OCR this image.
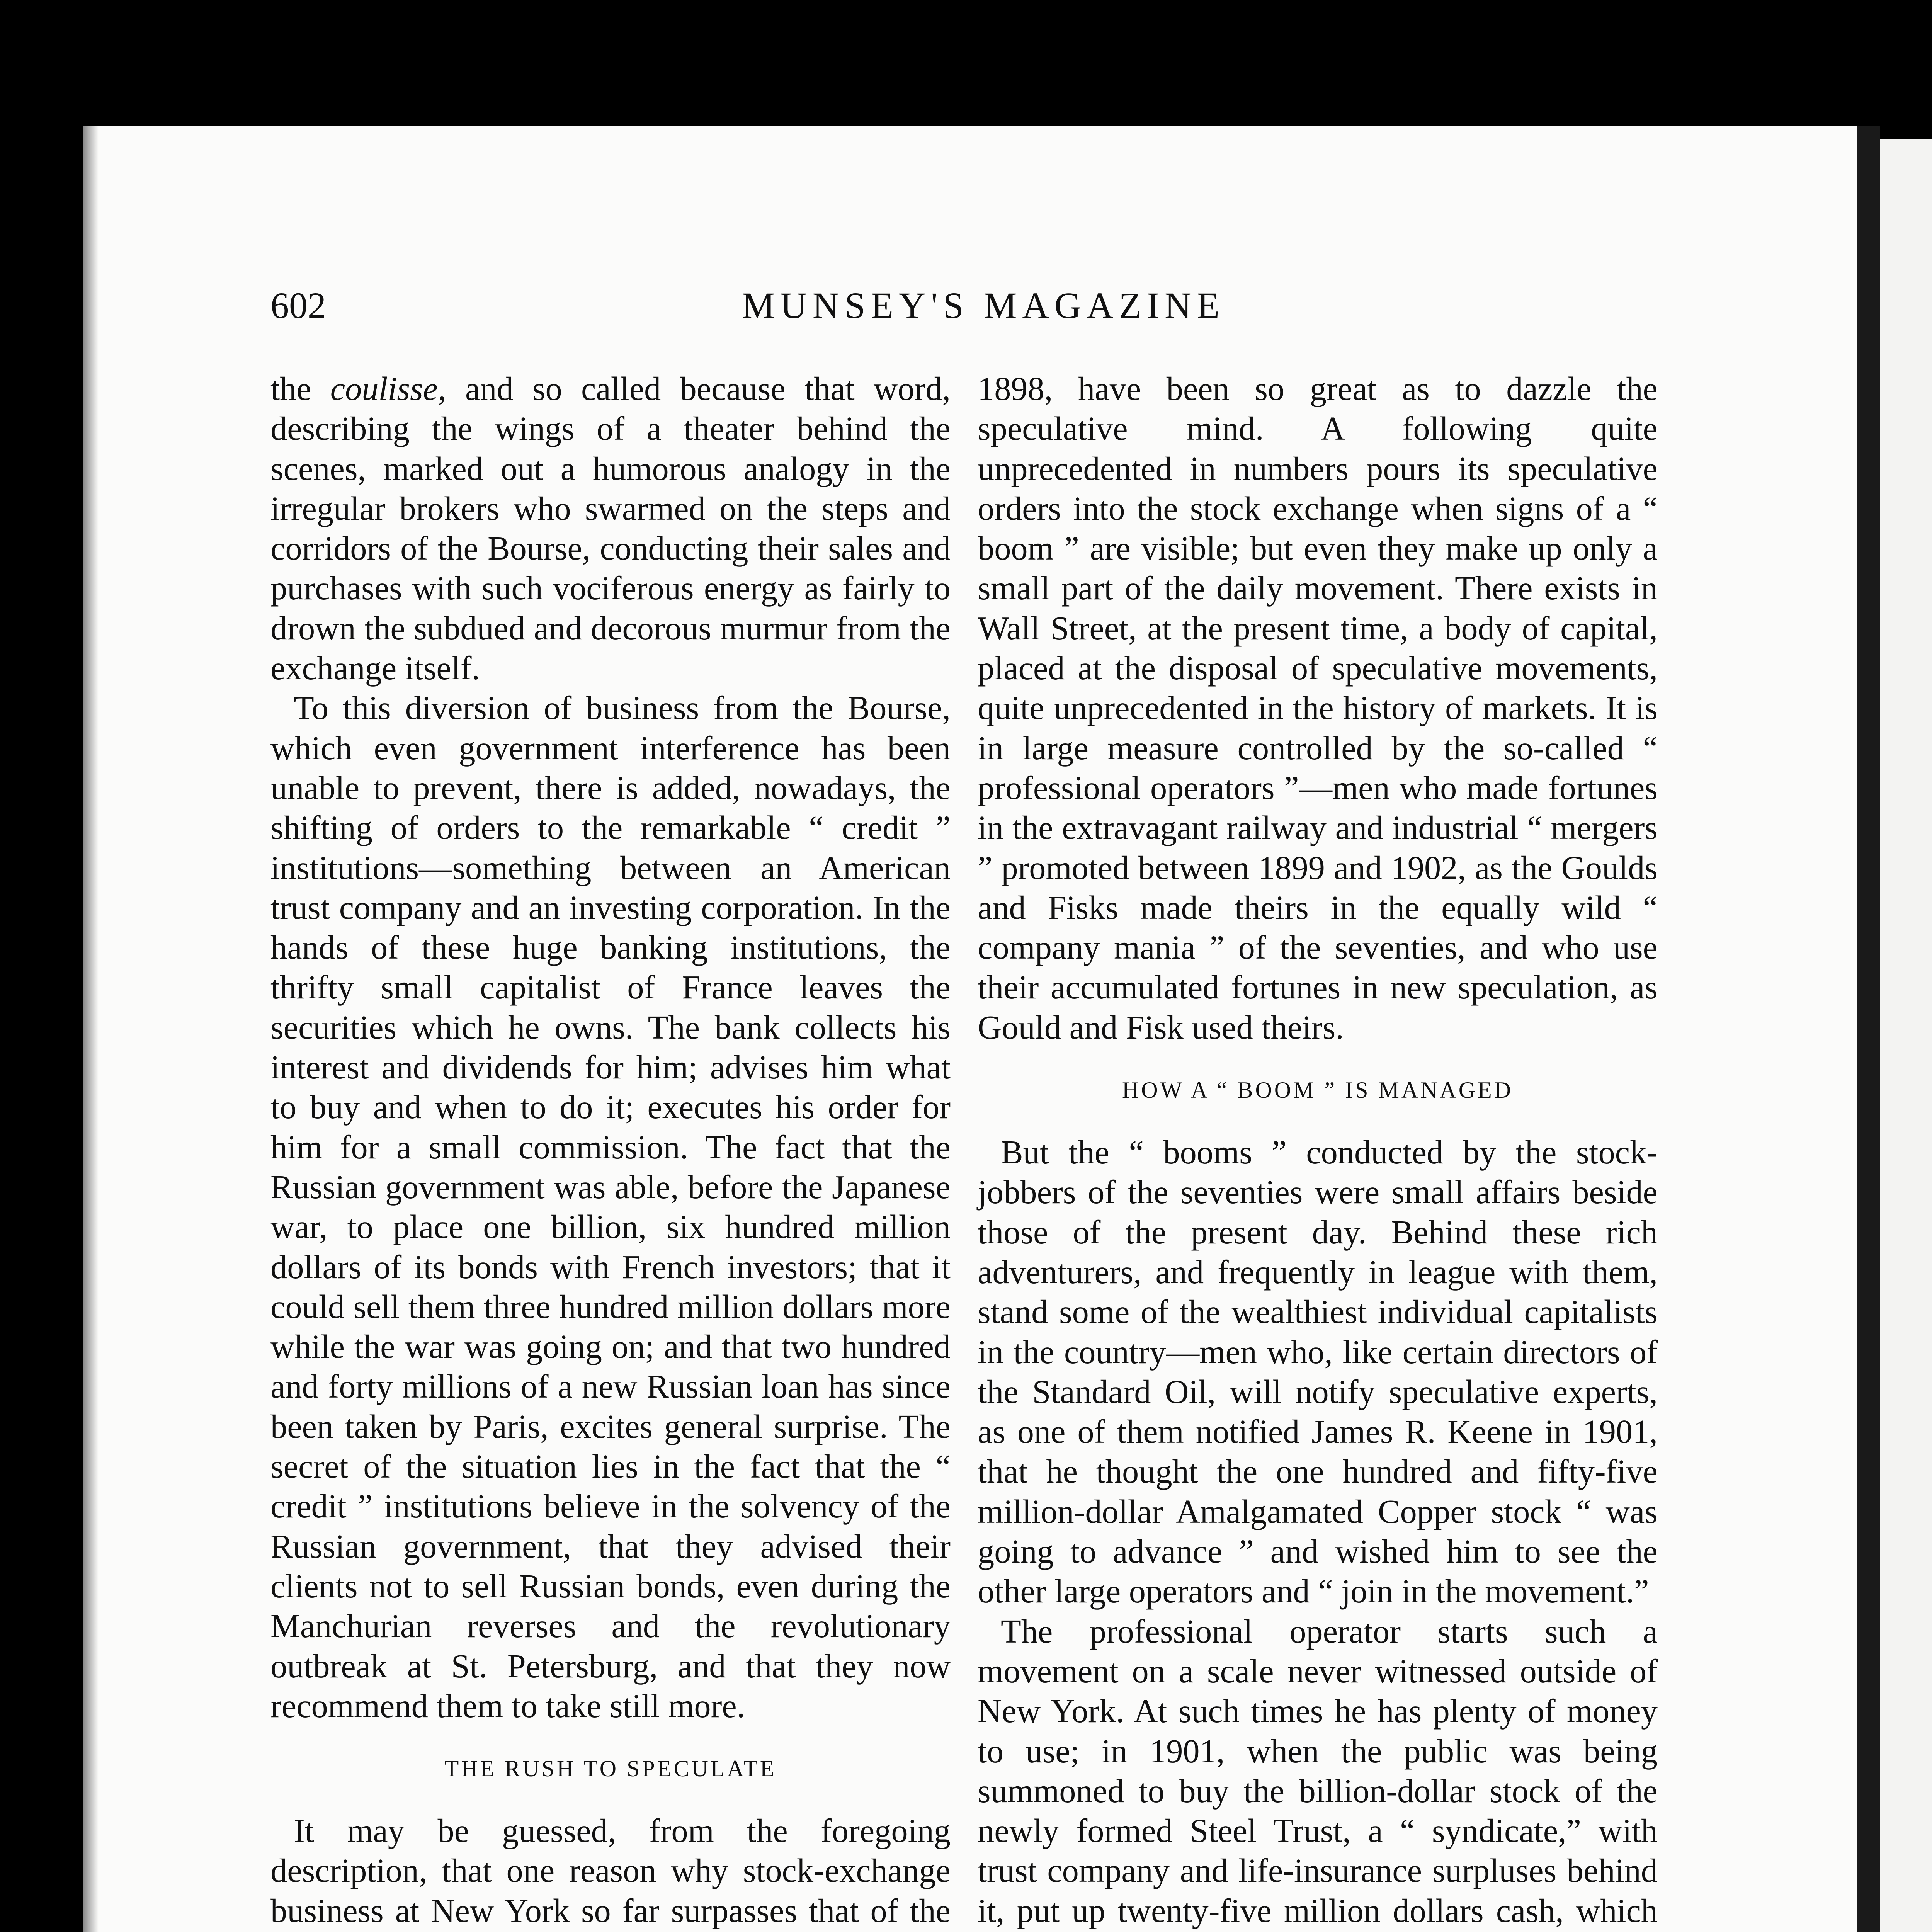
602	MUNSEY'S MAGAZINE

the coulisse, and so called because that word, describing the wings of a theater behind the scenes, marked out a humorous analogy in the irregular brokers who swarmed on the steps and corridors of the Bourse, conducting their sales and purchases with such vociferous energy as fairly to drown the subdued and decorous murmur from the exchange itself.

To this diversion of business from the Bourse, which even government interference has been unable to prevent, there is added, nowadays, the shifting of orders to the remarkable “ credit ” institutions—something between an American trust company and an investing corporation. In the hands of these huge banking institutions, the thrifty small capitalist of France leaves the securities which he owns. The bank collects his interest and dividends for him; advises him what to buy and when to do it; executes his order for him for a small commission. The fact that the Russian government was able, before the Japanese war, to place one billion, six hundred million dollars of its bonds with French investors; that it could sell them three hundred million dollars more while the war was going on; and that two hundred and forty millions of a new Russian loan has since been taken by Paris, excites general surprise. The secret of the situation lies in the fact that the “ credit ” institutions believe in the solvency of the Russian government, that they advised their clients not to sell Russian bonds, even during the Manchurian reverses and the revolutionary outbreak at St. Petersburg, and that they now recommend them to take still more.

THE RUSH TO SPECULATE

It may be guessed, from the foregoing description, that one reason why stock-exchange business at New York so far surpasses that of the

1898, have been so great as to dazzle the speculative mind. A following quite unprecedented in numbers pours its speculative orders into the stock exchange when signs of a “ boom ” are visible; but even they make up only a small part of the daily movement. There exists in Wall Street, at the present time, a body of capital, placed at the disposal of speculative movements, quite unprecedented in the history of markets. It is in large measure controlled by the so-called “ professional operators ”—men who made fortunes in the extravagant railway and industrial “ mergers ” promoted between 1899 and 1902, as the Goulds and Fisks made theirs in the equally wild “ company mania ” of the seventies, and who use their accumulated fortunes in new speculation, as Gould and Fisk used theirs.

HOW A “ BOOM ” IS MANAGED

But the “ booms ” conducted by the stock-jobbers of the seventies were small affairs beside those of the present day. Behind these rich adventurers, and frequently in league with them, stand some of the wealthiest individual capitalists in the country—men who, like certain directors of the Standard Oil, will notify speculative experts, as one of them notified James R. Keene in 1901, that he thought the one hundred and fifty-five million-dollar Amalgamated Copper stock “ was going to advance ” and wished him to see the other large operators and “ join in the movement.”

The professional operator starts such a movement on a scale never witnessed outside of New York. At such times he has plenty of money to use; in 1901, when the public was being summoned to buy the billion-dollar stock of the newly formed Steel Trust, a “ syndicate,” with trust company and life-insurance surpluses behind it, put up twenty-five million dollars cash, which
